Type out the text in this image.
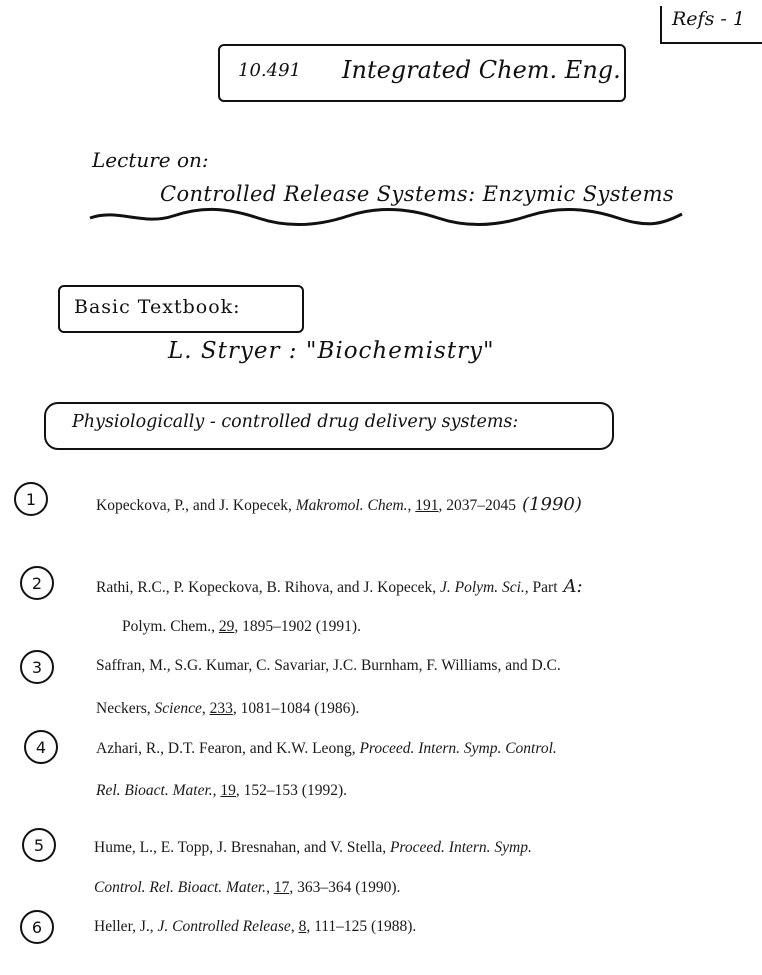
Refs - 1
10.491 Integrated Chem. Eng.
Lecture on:
Controlled Release Systems: Enzymic Systems
Basic Textbook:
L. Stryer : "Biochemistry"
Physiologically - controlled drug delivery systems:
1	Kopeckova, P., and J. Kopecek, Makromol. Chem., 191, 2037–2045 (1990)
2	Rathi, R.C., P. Kopeckova, B. Rihova, and J. Kopecek, J. Polym. Sci., Part A:
Polym. Chem., 29, 1895–1902 (1991).
3	Saffran, M., S.G. Kumar, C. Savariar, J.C. Burnham, F. Williams, and D.C.
Neckers, Science, 233, 1081–1084 (1986).
4	Azhari, R., D.T. Fearon, and K.W. Leong, Proceed. Intern. Symp. Control.
Rel. Bioact. Mater., 19, 152–153 (1992).
5	Hume, L., E. Topp, J. Bresnahan, and V. Stella, Proceed. Intern. Symp.
Control. Rel. Bioact. Mater., 17, 363–364 (1990).
6	Heller, J., J. Controlled Release, 8, 111–125 (1988).
